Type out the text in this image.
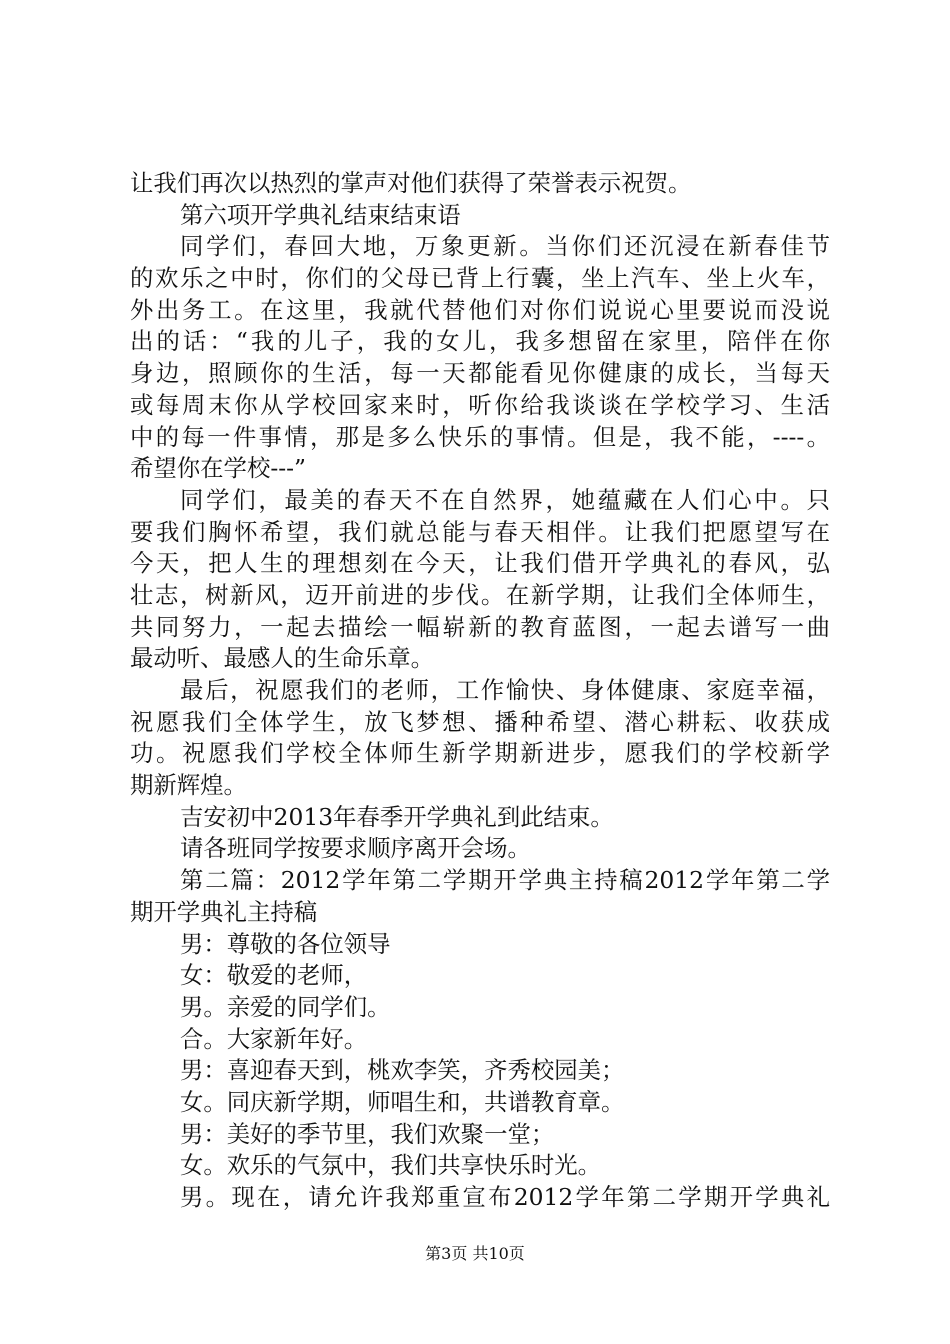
让我们再次以热烈的掌声对他们获得了荣誉表示祝贺。
第六项开学典礼结束结束语
同学们，春回大地，万象更新。当你们还沉浸在新春佳节
的欢乐之中时，你们的父母已背上行囊，坐上汽车、坐上火车，
外出务工。在这里，我就代替他们对你们说说心里要说而没说
出的话：“我的儿子，我的女儿，我多想留在家里，陪伴在你
身边，照顾你的生活，每一天都能看见你健康的成长，当每天
或每周末你从学校回家来时，听你给我谈谈在学校学习、生活
中的每一件事情，那是多么快乐的事情。但是，我不能，----。
希望你在学校---”
同学们，最美的春天不在自然界，她蕴藏在人们心中。只
要我们胸怀希望，我们就总能与春天相伴。让我们把愿望写在
今天，把人生的理想刻在今天，让我们借开学典礼的春风，弘
壮志，树新风，迈开前进的步伐。在新学期，让我们全体师生，
共同努力，一起去描绘一幅崭新的教育蓝图，一起去谱写一曲
最动听、最感人的生命乐章。
最后，祝愿我们的老师，工作愉快、身体健康、家庭幸福，
祝愿我们全体学生，放飞梦想、播种希望、潜心耕耘、收获成
功。祝愿我们学校全体师生新学期新进步，愿我们的学校新学
期新辉煌。
吉安初中2013年春季开学典礼到此结束。
请各班同学按要求顺序离开会场。
第二篇：2012学年第二学期开学典主持稿2012学年第二学
期开学典礼主持稿
男：尊敬的各位领导
女：敬爱的老师，
男。亲爱的同学们。
合。大家新年好。
男：喜迎春天到，桃欢李笑，齐秀校园美；
女。同庆新学期，师唱生和，共谱教育章。
男：美好的季节里，我们欢聚一堂；
女。欢乐的气氛中，我们共享快乐时光。
男。现在，请允许我郑重宣布2012学年第二学期开学典礼
第3页 共10页
